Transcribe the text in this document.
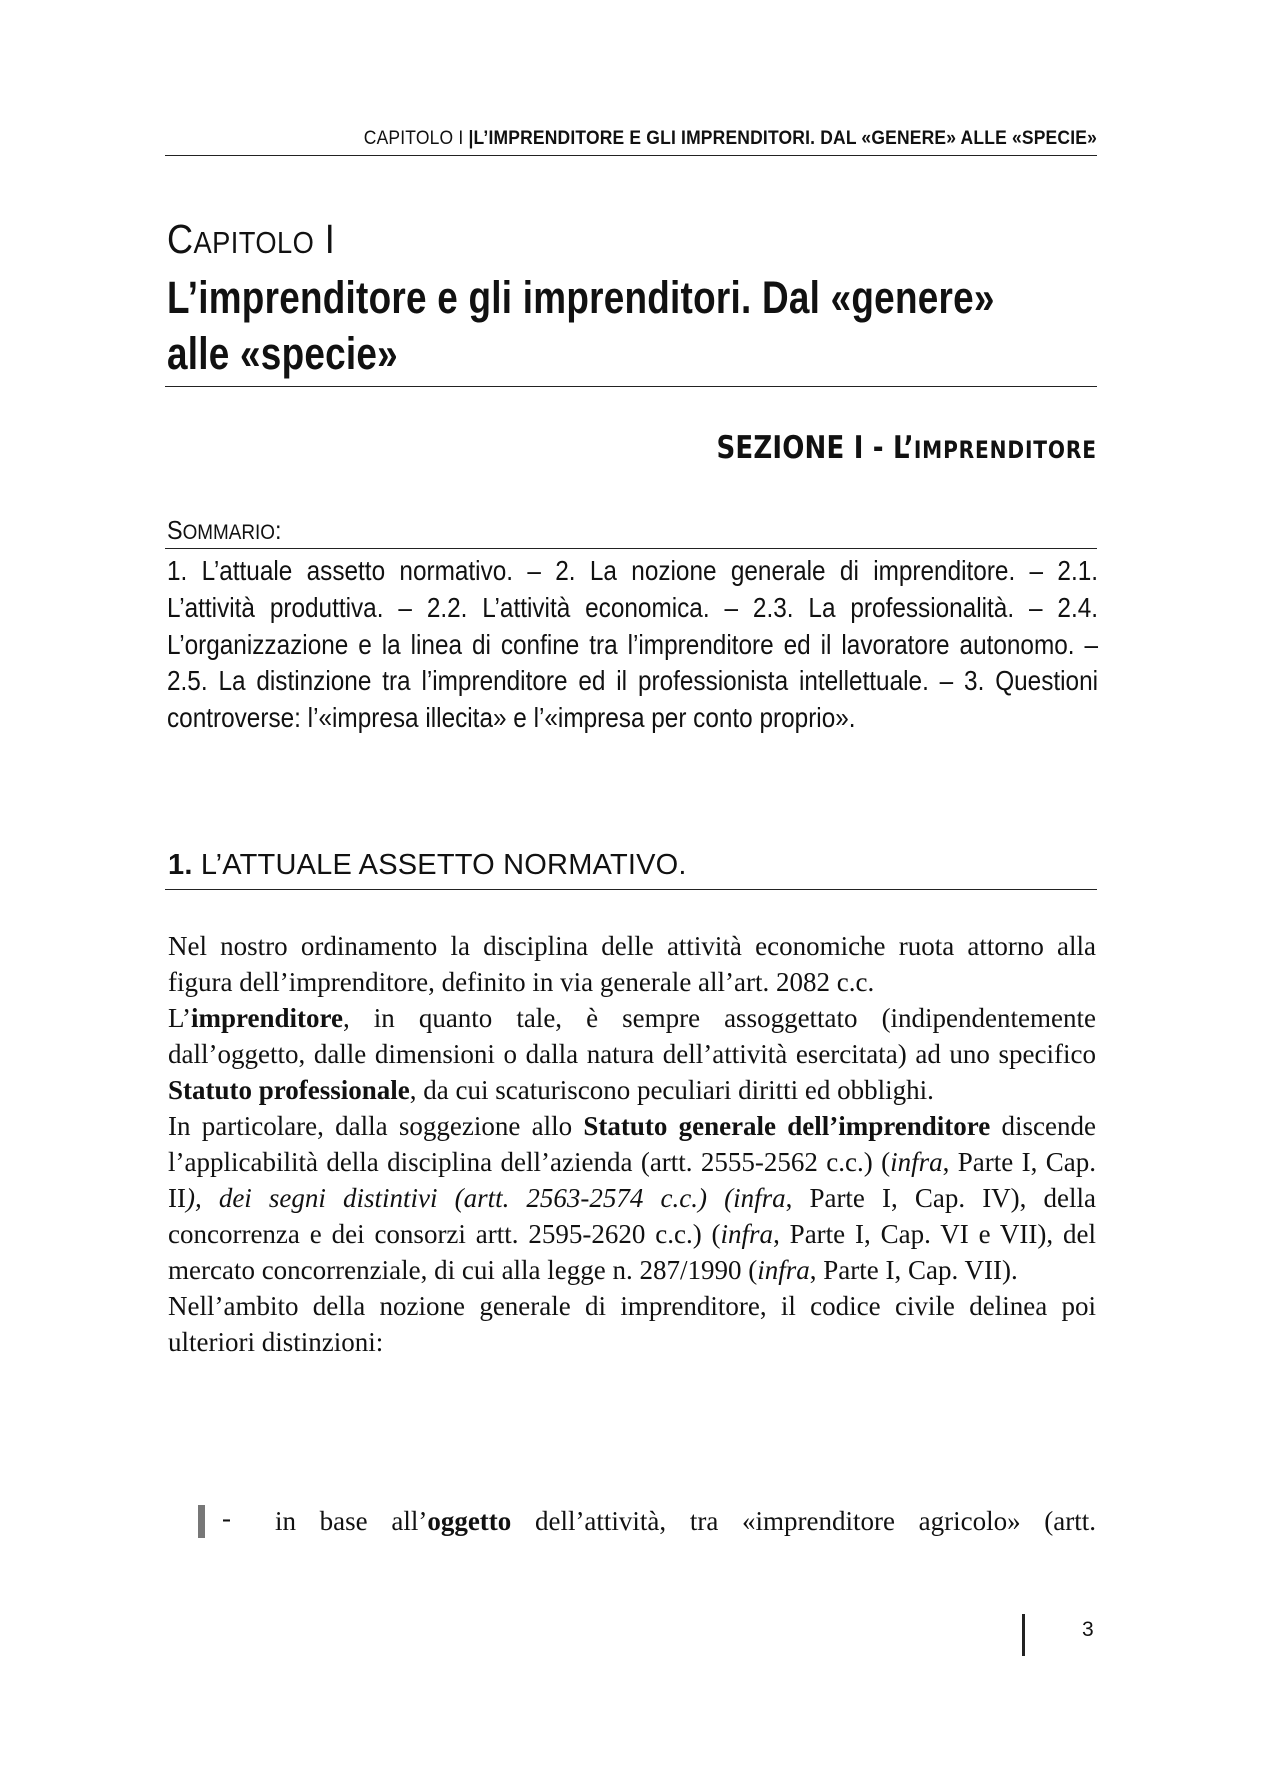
CAPITOLO I |L’IMPRENDITORE E GLI IMPRENDITORI. DAL «GENERE» ALLE «SPECIE»
CAPITOLO I
L’imprenditore e gli imprenditori. Dal «genere»
alle «specie»
SEZIONE I - L’IMPRENDITORE
SOMMARIO:
1. L’attuale assetto normativo. – 2. La nozione generale di imprenditore. – 2.1. L’attività produttiva. – 2.2. L’attività economica. – 2.3. La professionalità. – 2.4. L’organizzazione e la linea di confine tra l’imprenditore ed il lavoratore autonomo. – 2.5. La distinzione tra l’imprenditore ed il professionista intellettuale. – 3. Questioni controverse: l’«impresa illecita» e l’«impresa per conto proprio».
1. L’ATTUALE ASSETTO NORMATIVO.

Nel nostro ordinamento la disciplina delle attività economiche ruota attorno alla figura dell’imprenditore, definito in via generale all’art. 2082 c.c.

L’imprenditore, in quanto tale, è sempre assoggettato (indipendentemente dall’oggetto, dalle dimensioni o dalla natura dell’attività esercitata) ad uno specifico Statuto professionale, da cui scaturiscono peculiari diritti ed obblighi.

In particolare, dalla soggezione allo Statuto generale dell’imprenditore discende l’applicabilità della disciplina dell’azienda (artt. 2555-2562 c.c.) (infra, Parte I, Cap. II), dei segni distintivi (artt. 2563-2574 c.c.) (infra, Parte I, Cap. IV), della concorrenza e dei consorzi artt. 2595-2620 c.c.) (infra, Parte I, Cap. VI e VII), del mercato concorrenziale, di cui alla legge n. 287/1990 (infra, Parte I, Cap. VII).

Nell’ambito della nozione generale di imprenditore, il codice civile delinea poi ulteriori distinzioni:

- in base all’oggetto dell’attività, tra «imprenditore agricolo» (artt.
3
